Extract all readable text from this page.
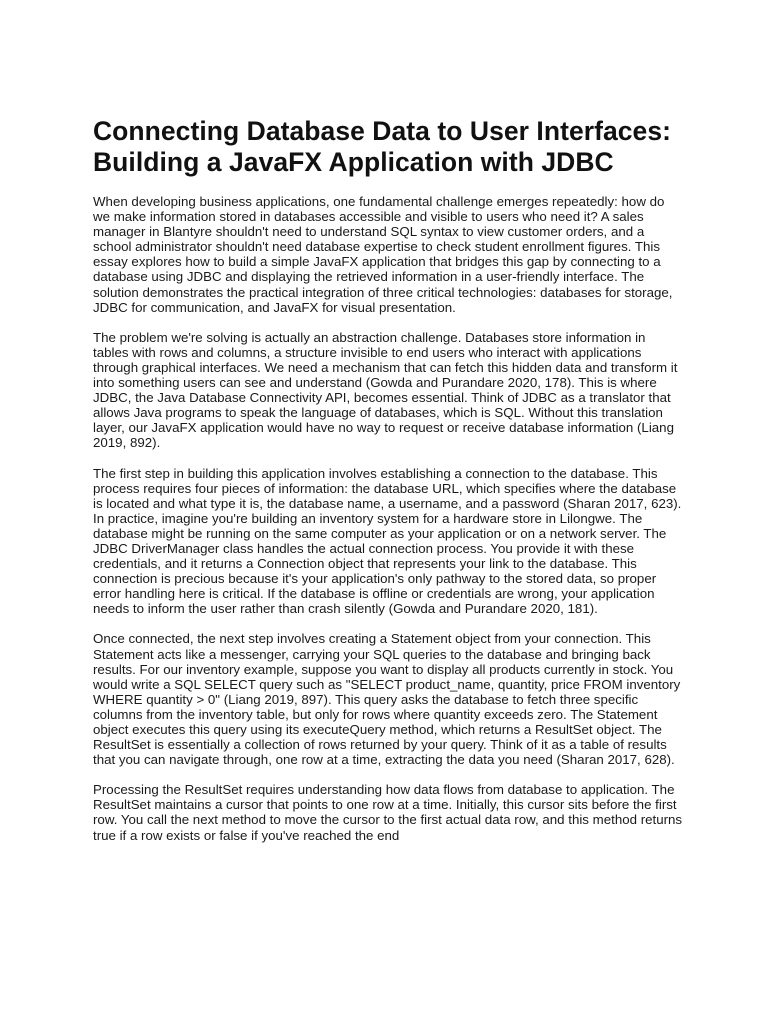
Connecting Database Data to User Interfaces: Building a JavaFX Application with JDBC

When developing business applications, one fundamental challenge emerges repeatedly: how do we make information stored in databases accessible and visible to users who need it? A sales manager in Blantyre shouldn't need to understand SQL syntax to view customer orders, and a school administrator shouldn't need database expertise to check student enrollment figures. This essay explores how to build a simple JavaFX application that bridges this gap by connecting to a database using JDBC and displaying the retrieved information in a user-friendly interface. The solution demonstrates the practical integration of three critical technologies: databases for storage, JDBC for communication, and JavaFX for visual presentation.

The problem we're solving is actually an abstraction challenge. Databases store information in tables with rows and columns, a structure invisible to end users who interact with applications through graphical interfaces. We need a mechanism that can fetch this hidden data and transform it into something users can see and understand (Gowda and Purandare 2020, 178). This is where JDBC, the Java Database Connectivity API, becomes essential. Think of JDBC as a translator that allows Java programs to speak the language of databases, which is SQL. Without this translation layer, our JavaFX application would have no way to request or receive database information (Liang 2019, 892).

The first step in building this application involves establishing a connection to the database. This process requires four pieces of information: the database URL, which specifies where the database is located and what type it is, the database name, a username, and a password (Sharan 2017, 623). In practice, imagine you're building an inventory system for a hardware store in Lilongwe. The database might be running on the same computer as your application or on a network server. The JDBC DriverManager class handles the actual connection process. You provide it with these credentials, and it returns a Connection object that represents your link to the database. This connection is precious because it's your application's only pathway to the stored data, so proper error handling here is critical. If the database is offline or credentials are wrong, your application needs to inform the user rather than crash silently (Gowda and Purandare 2020, 181).

Once connected, the next step involves creating a Statement object from your connection. This Statement acts like a messenger, carrying your SQL queries to the database and bringing back results. For our inventory example, suppose you want to display all products currently in stock. You would write a SQL SELECT query such as "SELECT product_name, quantity, price FROM inventory WHERE quantity > 0" (Liang 2019, 897). This query asks the database to fetch three specific columns from the inventory table, but only for rows where quantity exceeds zero. The Statement object executes this query using its executeQuery method, which returns a ResultSet object. The ResultSet is essentially a collection of rows returned by your query. Think of it as a table of results that you can navigate through, one row at a time, extracting the data you need (Sharan 2017, 628).

Processing the ResultSet requires understanding how data flows from database to application. The ResultSet maintains a cursor that points to one row at a time. Initially, this cursor sits before the first row. You call the next method to move the cursor to the first actual data row, and this method returns true if a row exists or false if you've reached the end
